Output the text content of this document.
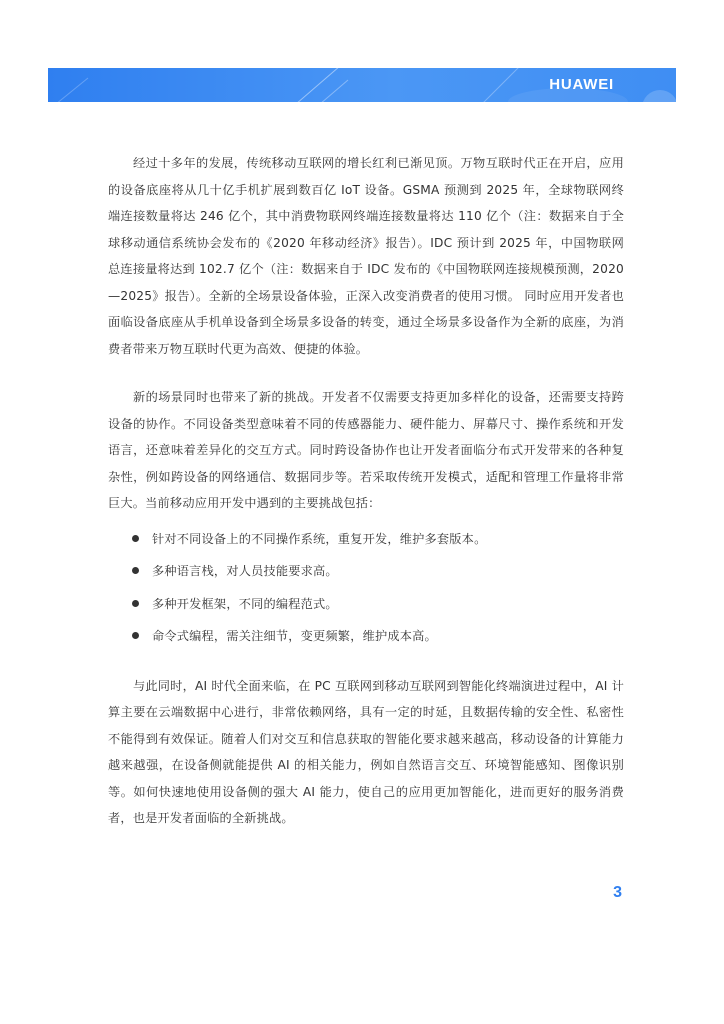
HUAWEI

经过十多年的发展，传统移动互联网的增长红利已渐见顶。万物互联时代正在开启，应用的设备底座将从几十亿手机扩展到数百亿 IoT 设备。GSMA 预测到 2025 年，全球物联网终端连接数量将达 246 亿个，其中消费物联网终端连接数量将达 110 亿个（注：数据来自于全球移动通信系统协会发布的《2020 年移动经济》报告）。IDC 预计到 2025 年，中国物联网总连接量将达到 102.7 亿个（注：数据来自于 IDC 发布的《中国物联网连接规模预测，2020—2025》报告）。全新的全场景设备体验，正深入改变消费者的使用习惯。 同时应用开发者也面临设备底座从手机单设备到全场景多设备的转变，通过全场景多设备作为全新的底座，为消费者带来万物互联时代更为高效、便捷的体验。

新的场景同时也带来了新的挑战。开发者不仅需要支持更加多样化的设备，还需要支持跨设备的协作。不同设备类型意味着不同的传感器能力、硬件能力、屏幕尺寸、操作系统和开发语言，还意味着差异化的交互方式。同时跨设备协作也让开发者面临分布式开发带来的各种复杂性，例如跨设备的网络通信、数据同步等。若采取传统开发模式，适配和管理工作量将非常巨大。当前移动应用开发中遇到的主要挑战包括：

针对不同设备上的不同操作系统，重复开发，维护多套版本。
多种语言栈，对人员技能要求高。
多种开发框架，不同的编程范式。
命令式编程，需关注细节，变更频繁，维护成本高。

与此同时，AI 时代全面来临，在 PC 互联网到移动互联网到智能化终端演进过程中，AI 计算主要在云端数据中心进行，非常依赖网络，具有一定的时延，且数据传输的安全性、私密性不能得到有效保证。随着人们对交互和信息获取的智能化要求越来越高，移动设备的计算能力越来越强，在设备侧就能提供 AI 的相关能力，例如自然语言交互、环境智能感知、图像识别等。如何快速地使用设备侧的强大 AI 能力，使自己的应用更加智能化，进而更好的服务消费者，也是开发者面临的全新挑战。

3
